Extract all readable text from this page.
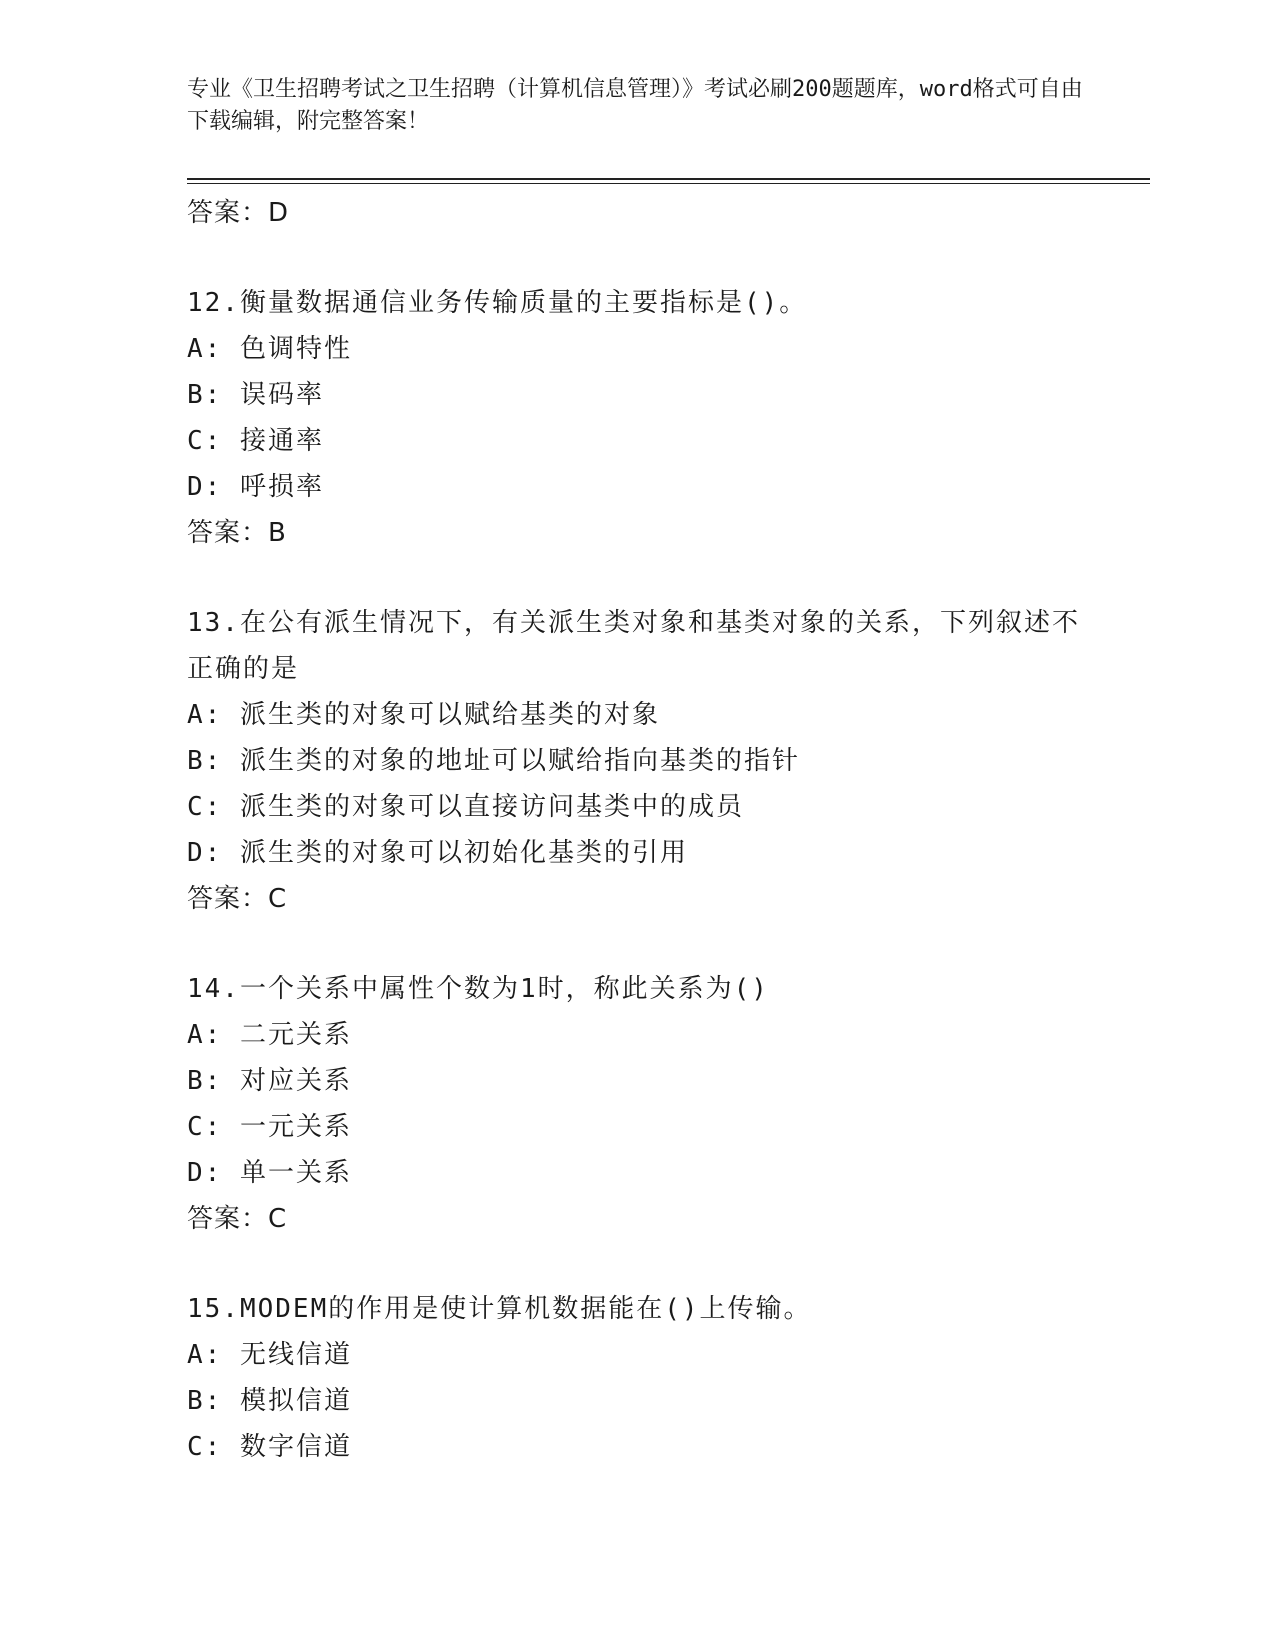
专业《卫生招聘考试之卫生招聘（计算机信息管理）》考试必刷200题题库，word格式可自由下载编辑，附完整答案！
答案：D
12.衡量数据通信业务传输质量的主要指标是()。
A: 色调特性
B: 误码率
C: 接通率
D: 呼损率
答案：B
13.在公有派生情况下，有关派生类对象和基类对象的关系，下列叙述不正确的是
A: 派生类的对象可以赋给基类的对象
B: 派生类的对象的地址可以赋给指向基类的指针
C: 派生类的对象可以直接访问基类中的成员
D: 派生类的对象可以初始化基类的引用
答案：C
14.一个关系中属性个数为1时，称此关系为()
A: 二元关系
B: 对应关系
C: 一元关系
D: 单一关系
答案：C
15.MODEM的作用是使计算机数据能在()上传输。
A: 无线信道
B: 模拟信道
C: 数字信道
